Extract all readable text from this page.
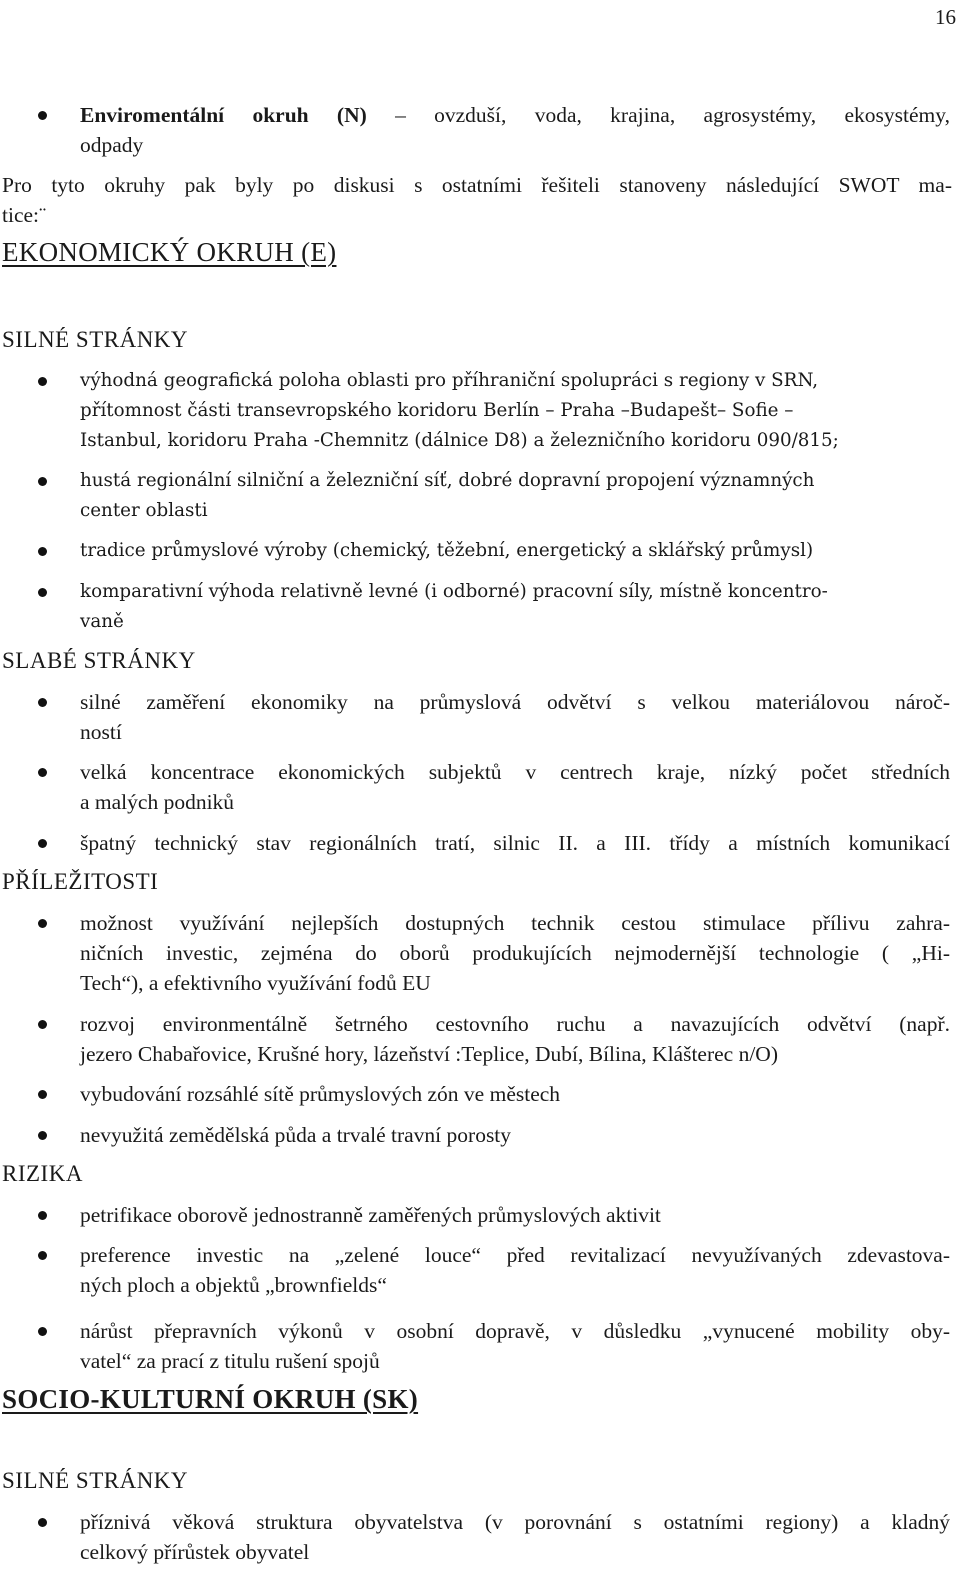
16
Enviromentální okruh (N) – ovzduší, voda, krajina, agrosystémy, ekosystémy,
odpady
Pro tyto okruhy pak byly po diskusi s ostatními řešiteli stanoveny následující SWOT ma-
tice:¨
EKONOMICKÝ OKRUH (E)
SILNÉ STRÁNKY
výhodná geografická poloha oblasti pro příhraniční spolupráci s regiony v SRN,
přítomnost části transevropského koridoru Berlín – Praha –Budapešt– Sofie –
Istanbul, koridoru Praha -Chemnitz (dálnice D8) a železničního koridoru 090/815;
hustá regionální silniční a železniční síť, dobré dopravní propojení významných
center oblasti
tradice průmyslové výroby (chemický, těžební, energetický a sklářský průmysl)
komparativní výhoda relativně levné (i odborné) pracovní síly, místně koncentro-
vaně
SLABÉ STRÁNKY
silné zaměření ekonomiky na průmyslová odvětví s velkou materiálovou nároč-
ností
velká koncentrace ekonomických subjektů v centrech kraje, nízký počet středních
a malých podniků
špatný technický stav regionálních tratí, silnic II. a III. třídy a místních komunikací
PŘÍLEŽITOSTI
možnost využívání nejlepších dostupných technik cestou stimulace přílivu zahra-
ničních investic, zejména do oborů produkujících nejmodernější technologie ( „Hi-
Tech“), a efektivního využívání fodů EU
rozvoj environmentálně šetrného cestovního ruchu a navazujících odvětví (např.
jezero Chabařovice, Krušné hory, lázeňství :Teplice, Dubí, Bílina, Klášterec n/O)
vybudování rozsáhlé sítě průmyslových zón ve městech
nevyužitá zemědělská půda a trvalé travní porosty
RIZIKA
petrifikace oborově jednostranně zaměřených průmyslových aktivit
preference investic na „zelené louce“ před revitalizací nevyužívaných zdevastova-
ných ploch a objektů „brownfields“
nárůst přepravních výkonů v osobní dopravě, v důsledku „vynucené mobility oby-
vatel“ za prací z titulu rušení spojů
SOCIO-KULTURNÍ OKRUH (SK)
SILNÉ STRÁNKY
příznivá věková struktura obyvatelstva (v porovnání s ostatními regiony) a kladný
celkový přírůstek obyvatel
